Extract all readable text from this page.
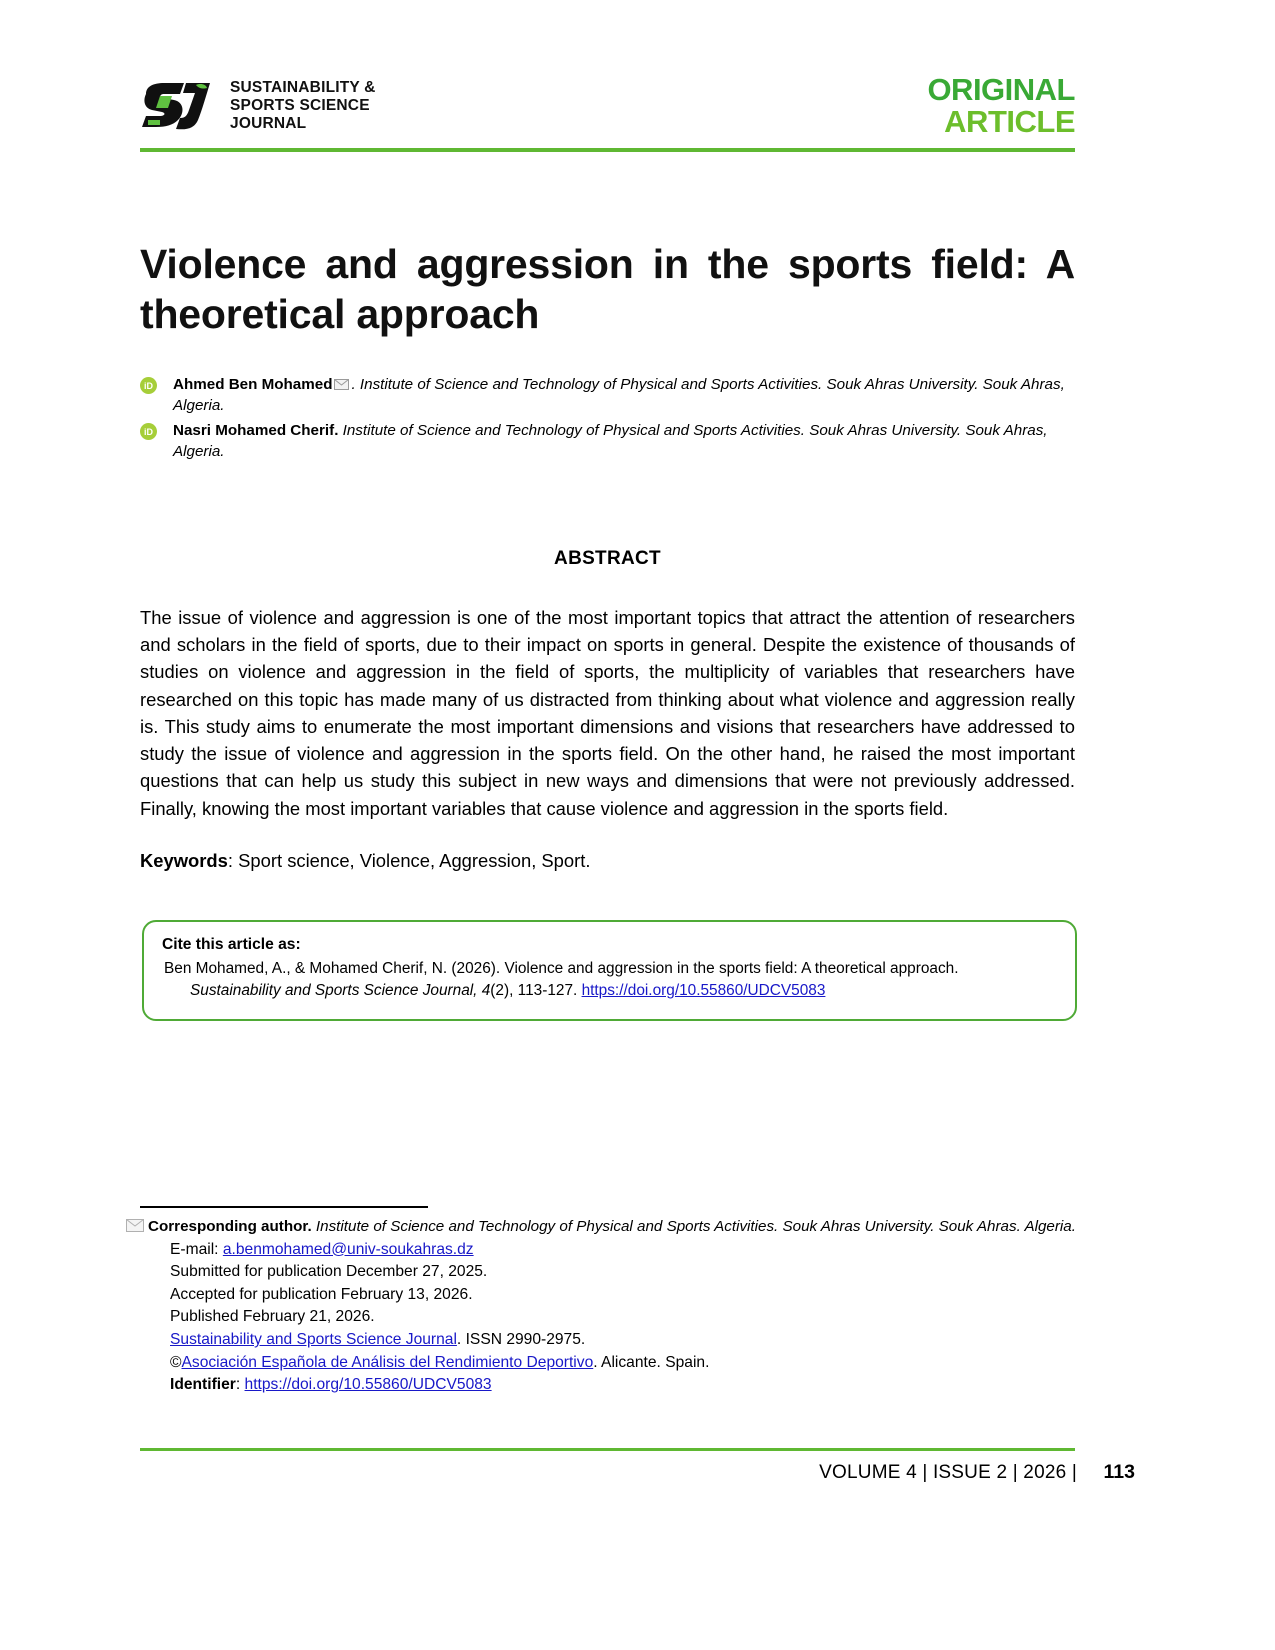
SUSTAINABILITY &
SPORTS SCIENCE
JOURNAL
ORIGINAL
ARTICLE
Violence and aggression in the sports field: A theoretical approach
iD Ahmed Ben Mohamed . Institute of Science and Technology of Physical and Sports Activities. Souk Ahras University. Souk Ahras, Algeria.
iD Nasri Mohamed Cherif. Institute of Science and Technology of Physical and Sports Activities. Souk Ahras University. Souk Ahras, Algeria.
ABSTRACT
The issue of violence and aggression is one of the most important topics that attract the attention of researchers and scholars in the field of sports, due to their impact on sports in general. Despite the existence of thousands of studies on violence and aggression in the field of sports, the multiplicity of variables that researchers have researched on this topic has made many of us distracted from thinking about what violence and aggression really is. This study aims to enumerate the most important dimensions and visions that researchers have addressed to study the issue of violence and aggression in the sports field. On the other hand, he raised the most important questions that can help us study this subject in new ways and dimensions that were not previously addressed. Finally, knowing the most important variables that cause violence and aggression in the sports field.
Keywords: Sport science, Violence, Aggression, Sport.
Cite this article as:
Ben Mohamed, A., & Mohamed Cherif, N. (2026). Violence and aggression in the sports field: A theoretical approach.
Sustainability and Sports Science Journal, 4(2), 113-127. https://doi.org/10.55860/UDCV5083
Corresponding author. Institute of Science and Technology of Physical and Sports Activities. Souk Ahras University. Souk Ahras. Algeria.
E-mail: a.benmohamed@univ-soukahras.dz
Submitted for publication December 27, 2025.
Accepted for publication February 13, 2026.
Published February 21, 2026.
Sustainability and Sports Science Journal. ISSN 2990-2975.
©Asociación Española de Análisis del Rendimiento Deportivo. Alicante. Spain.
Identifier: https://doi.org/10.55860/UDCV5083
VOLUME 4 | ISSUE 2 | 2026 | 113
